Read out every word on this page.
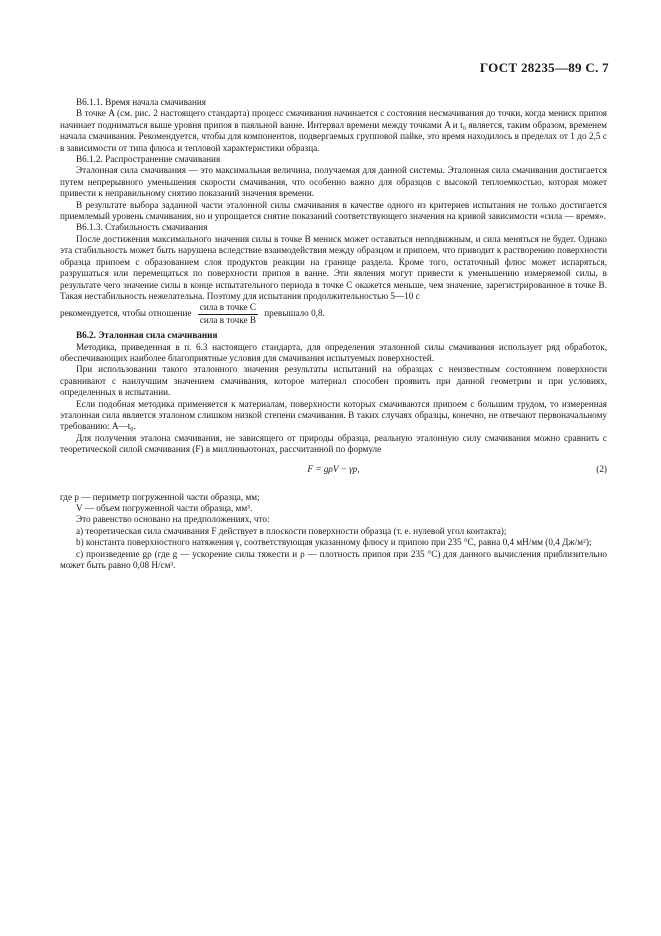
ГОСТ 28235—89 С. 7

В6.1.1. Время начала смачивания

В точке A (см. рис. 2 настоящего стандарта) процесс смачивания начинается с состояния несмачивания до точки, когда мениск припоя начинает подниматься выше уровня припоя в паяльной ванне. Интервал времени между точками A и t₀ является, таким образом, временем начала смачивания. Рекомендуется, чтобы для компонентов, подвергаемых групповой пайке, это время находилось в пределах от 1 до 2,5 с в зависимости от типа флюса и тепловой характеристики образца.

В6.1.2. Распространение смачивания

Эталонная сила смачивания — это максимальная величина, получаемая для данной системы. Эталонная сила смачивания достигается путем непрерывного уменьшения скорости смачивания, что особенно важно для образцов с высокой теплоемкостью, которая может привести к неправильному снятию показаний значения времени.

В результате выбора заданной части эталонной силы смачивания в качестве одного из критериев испытания не только достигается приемлемый уровень смачивания, но и упрощается снятие показаний соответствующего значения на кривой зависимости «сила — время».

В6.1.3. Стабильность смачивания

После достижения максимального значения силы в точке B мениск может оставаться неподвижным, и сила меняться не будет. Однако эта стабильность может быть нарушена вследствие взаимодействия между образцом и припоем, что приводит к растворению поверхности образца припоем с образованием слоя продуктов реакции на границе раздела. Кроме того, остаточный флюс может испаряться, разрушаться или перемещаться по поверхности припоя в ванне. Эти явления могут привести к уменьшению измеряемой силы, в результате чего значение силы в конце испытательного периода в точке C окажется меньше, чем значение, зарегистрированное в точке B. Такая нестабильность нежелательна. Поэтому для испытания продолжительностью 5—10 с

рекомендуется, чтобы отношение $\frac{\text{сила в точке C}}{\text{сила в точке B}}$ превышало 0,8.

В6.2. Эталонная сила смачивания

Методика, приведенная в п. 6.3 настоящего стандарта, для определения эталонной силы смачивания использует ряд обработок, обеспечивающих наиболее благоприятные условия для смачивания испытуемых поверхностей.

При использовании такого эталонного значения результаты испытаний на образцах с неизвестным состоянием поверхности сравнивают с наилучшим значением смачивания, которое материал способен проявить при данной геометрии и при условиях, определенных в испытании.

Если подобная методика применяется к материалам, поверхности которых смачиваются припоем с большим трудом, то измеренная эталонная сила является эталоном слишком низкой степени смачивания. В таких случаях образцы, конечно, не отвечают первоначальному требованию: A—t₀.

Для получения эталона смачивания, не зависящего от природы образца, реальную эталонную силу смачивания можно сравнить с теоретической силой смачивания (F) в миллиньютонах, рассчитанной по формуле

F = gρV − γp,	(2)

где p — периметр погруженной части образца, мм;

V — объем погруженной части образца, мм³.

Это равенство основано на предположениях, что:

а) теоретическая сила смачивания F действует в плоскости поверхности образца (т. е. нулевой угол контакта);

b) константа поверхностного натяжения γ, соответствующая указанному флюсу и припою при 235 °С, равна 0,4 мН/мм (0,4 Дж/м²);

с) произведение gρ (где g — ускорение силы тяжести и ρ — плотность припоя при 235 °С) для данного вычисления приблизительно может быть равно 0,08 Н/см³.
